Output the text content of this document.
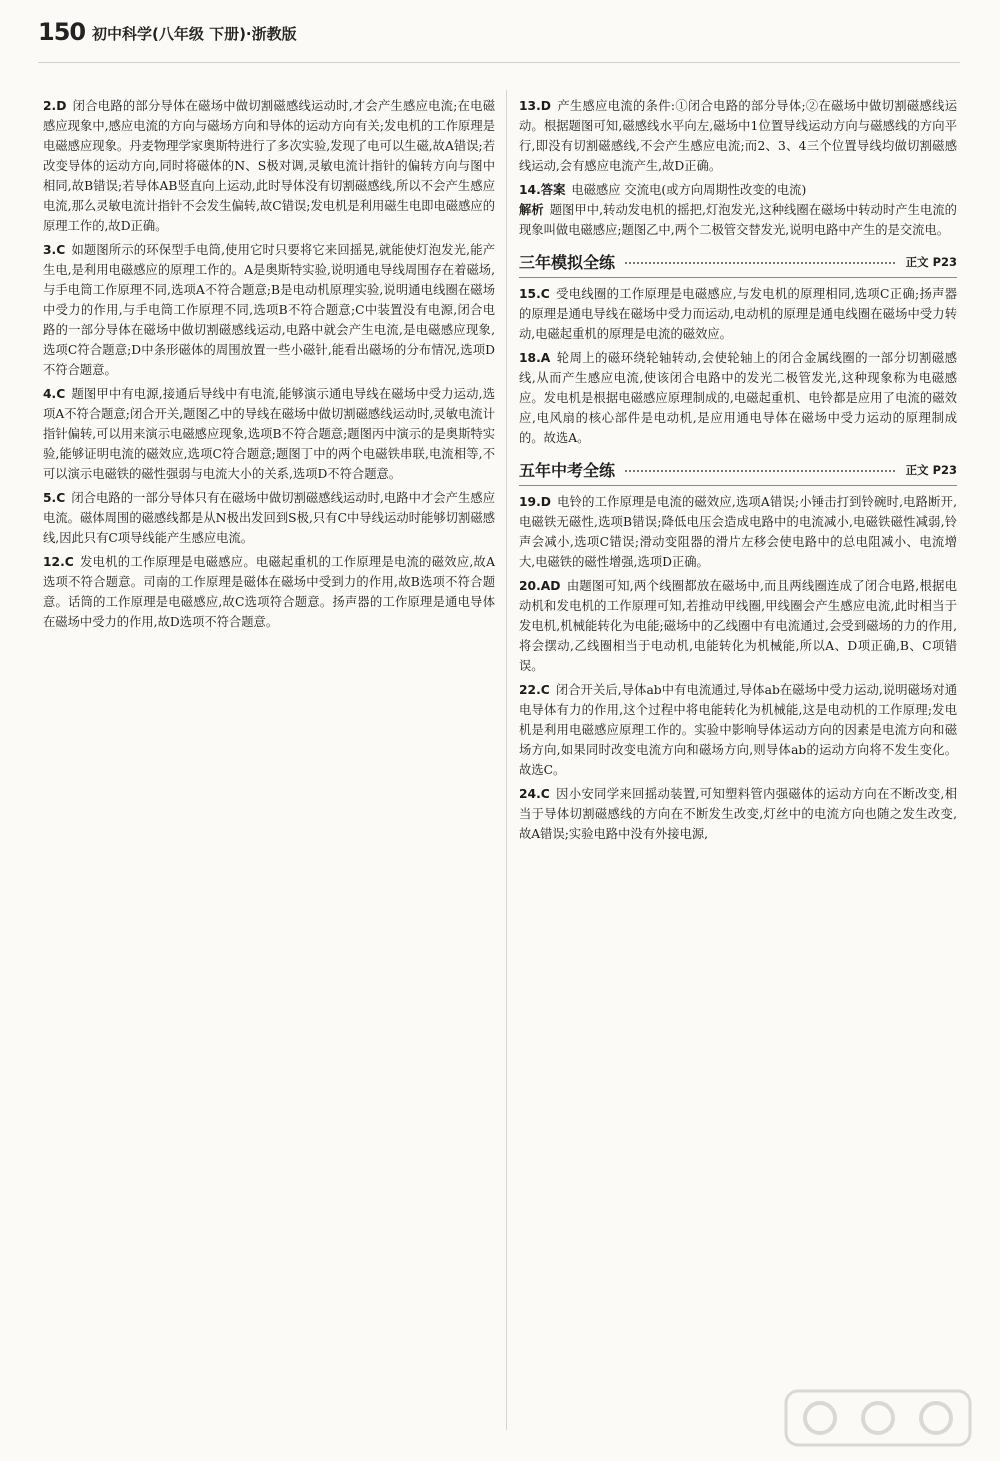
150 初中科学(八年级 下册)·浙教版
2.D 闭合电路的部分导体在磁场中做切割磁感线运动时,才会产生感应电流;在电磁感应现象中,感应电流的方向与磁场方向和导体的运动方向有关;发电机的工作原理是电磁感应现象。丹麦物理学家奥斯特进行了多次实验,发现了电可以生磁,故A错误;若改变导体的运动方向,同时将磁体的N、S极对调,灵敏电流计指针的偏转方向与图中相同,故B错误;若导体AB竖直向上运动,此时导体没有切割磁感线,所以不会产生感应电流,那么灵敏电流计指针不会发生偏转,故C错误;发电机是利用磁生电即电磁感应的原理工作的,故D正确。
3.C 如题图所示的环保型手电筒,使用它时只要将它来回摇晃,就能使灯泡发光,能产生电,是利用电磁感应的原理工作的。A是奥斯特实验,说明通电导线周围存在着磁场,与手电筒工作原理不同,选项A不符合题意;B是电动机原理实验,说明通电线圈在磁场中受力的作用,与手电筒工作原理不同,选项B不符合题意;C中装置没有电源,闭合电路的一部分导体在磁场中做切割磁感线运动,电路中就会产生电流,是电磁感应现象,选项C符合题意;D中条形磁体的周围放置一些小磁针,能看出磁场的分布情况,选项D不符合题意。
4.C 题图甲中有电源,接通后导线中有电流,能够演示通电导线在磁场中受力运动,选项A不符合题意;闭合开关,题图乙中的导线在磁场中做切割磁感线运动时,灵敏电流计指针偏转,可以用来演示电磁感应现象,选项B不符合题意;题图丙中演示的是奥斯特实验,能够证明电流的磁效应,选项C符合题意;题图丁中的两个电磁铁串联,电流相等,不可以演示电磁铁的磁性强弱与电流大小的关系,选项D不符合题意。
5.C 闭合电路的一部分导体只有在磁场中做切割磁感线运动时,电路中才会产生感应电流。磁体周围的磁感线都是从N极出发回到S极,只有C中导线运动时能够切割磁感线,因此只有C项导线能产生感应电流。
12.C 发电机的工作原理是电磁感应。电磁起重机的工作原理是电流的磁效应,故A选项不符合题意。司南的工作原理是磁体在磁场中受到力的作用,故B选项不符合题意。话筒的工作原理是电磁感应,故C选项符合题意。扬声器的工作原理是通电导体在磁场中受力的作用,故D选项不符合题意。
13.D 产生感应电流的条件:①闭合电路的部分导体;②在磁场中做切割磁感线运动。根据题图可知,磁感线水平向左,磁场中1位置导线运动方向与磁感线的方向平行,即没有切割磁感线,不会产生感应电流;而2、3、4三个位置导线均做切割磁感线运动,会有感应电流产生,故D正确。
14.答案 电磁感应 交流电(或方向周期性改变的电流)
解析 题图甲中,转动发电机的摇把,灯泡发光,这种线圈在磁场中转动时产生电流的现象叫做电磁感应;题图乙中,两个二极管交替发光,说明电路中产生的是交流电。
三年模拟全练	正文 P23
15.C 受电线圈的工作原理是电磁感应,与发电机的原理相同,选项C正确;扬声器的原理是通电导线在磁场中受力而运动,电动机的原理是通电线圈在磁场中受力转动,电磁起重机的原理是电流的磁效应。
18.A 轮周上的磁环绕轮轴转动,会使轮轴上的闭合金属线圈的一部分切割磁感线,从而产生感应电流,使该闭合电路中的发光二极管发光,这种现象称为电磁感应。发电机是根据电磁感应原理制成的,电磁起重机、电铃都是应用了电流的磁效应,电风扇的核心部件是电动机,是应用通电导体在磁场中受力运动的原理制成的。故选A。
五年中考全练	正文 P23
19.D 电铃的工作原理是电流的磁效应,选项A错误;小锤击打到铃碗时,电路断开,电磁铁无磁性,选项B错误;降低电压会造成电路中的电流减小,电磁铁磁性减弱,铃声会减小,选项C错误;滑动变阻器的滑片左移会使电路中的总电阻减小、电流增大,电磁铁的磁性增强,选项D正确。
20.AD 由题图可知,两个线圈都放在磁场中,而且两线圈连成了闭合电路,根据电动机和发电机的工作原理可知,若推动甲线圈,甲线圈会产生感应电流,此时相当于发电机,机械能转化为电能;磁场中的乙线圈中有电流通过,会受到磁场的力的作用,将会摆动,乙线圈相当于电动机,电能转化为机械能,所以A、D项正确,B、C项错误。
22.C 闭合开关后,导体ab中有电流通过,导体ab在磁场中受力运动,说明磁场对通电导体有力的作用,这个过程中将电能转化为机械能,这是电动机的工作原理;发电机是利用电磁感应原理工作的。实验中影响导体运动方向的因素是电流方向和磁场方向,如果同时改变电流方向和磁场方向,则导体ab的运动方向将不发生变化。故选C。
24.C 因小安同学来回摇动装置,可知塑料管内强磁体的运动方向在不断改变,相当于导体切割磁感线的方向在不断发生改变,灯丝中的电流方向也随之发生改变,故A错误;实验电路中没有外接电源,
